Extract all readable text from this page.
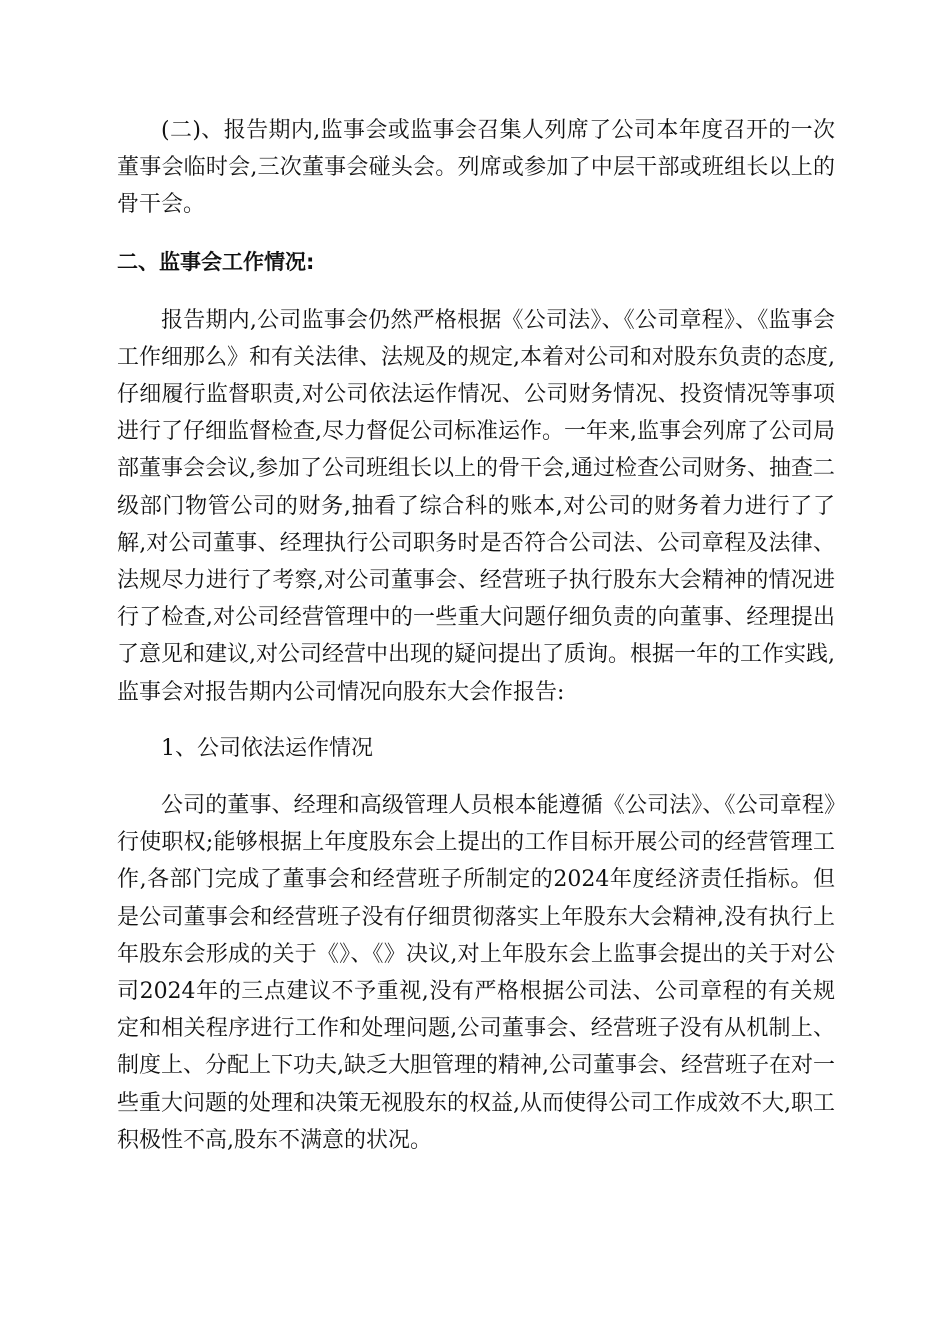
(二)、报告期内,监事会或监事会召集人列席了公司本年度召开的一次董事会临时会,三次董事会碰头会。列席或参加了中层干部或班组长以上的骨干会。

二、监事会工作情况:

报告期内,公司监事会仍然严格根据《公司法》、《公司章程》、《监事会工作细那么》和有关法律、法规及的规定,本着对公司和对股东负责的态度,仔细履行监督职责,对公司依法运作情况、公司财务情况、投资情况等事项进行了仔细监督检查,尽力督促公司标准运作。一年来,监事会列席了公司局部董事会会议,参加了公司班组长以上的骨干会,通过检查公司财务、抽查二级部门物管公司的财务,抽看了综合科的账本,对公司的财务着力进行了了解,对公司董事、经理执行公司职务时是否符合公司法、公司章程及法律、法规尽力进行了考察,对公司董事会、经营班子执行股东大会精神的情况进行了检查,对公司经营管理中的一些重大问题仔细负责的向董事、经理提出了意见和建议,对公司经营中出现的疑问提出了质询。根据一年的工作实践,监事会对报告期内公司情况向股东大会作报告:

1、公司依法运作情况

公司的董事、经理和高级管理人员根本能遵循《公司法》、《公司章程》行使职权;能够根据上年度股东会上提出的工作目标开展公司的经营管理工作,各部门完成了董事会和经营班子所制定的2024年度经济责任指标。但是公司董事会和经营班子没有仔细贯彻落实上年股东大会精神,没有执行上年股东会形成的关于《》、《》决议,对上年股东会上监事会提出的关于对公司2024年的三点建议不予重视,没有严格根据公司法、公司章程的有关规定和相关程序进行工作和处理问题,公司董事会、经营班子没有从机制上、制度上、分配上下功夫,缺乏大胆管理的精神,公司董事会、经营班子在对一些重大问题的处理和决策无视股东的权益,从而使得公司工作成效不大,职工积极性不高,股东不满意的状况。
